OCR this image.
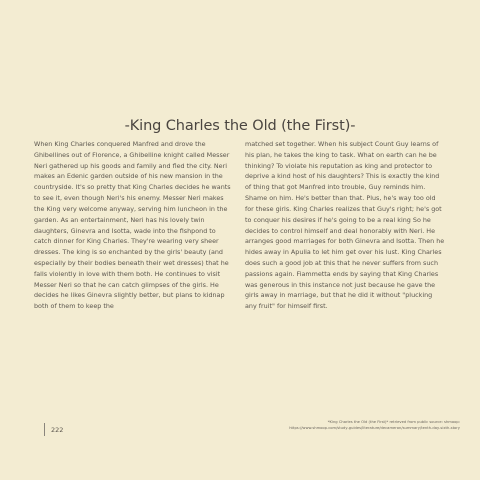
-King Charles the Old (the First)-

When King Charles conquered Manfred and drove the Ghibellines out of Florence, a Ghibelline knight called Messer Neri gathered up his goods and family and fled the city. Neri makes an Edenic garden outside of his new mansion in the countryside. It's so pretty that King Charles decides he wants to see it, even though Neri's his enemy. Messer Neri makes the King very welcome anyway, serving him luncheon in the garden. As an entertainment, Neri has his lovely twin daughters, Ginevra and Isotta, wade into the fishpond to catch dinner for King Charles. They're wearing very sheer dresses. The king is so enchanted by the girls' beauty (and especially by their bodies beneath their wet dresses) that he falls violently in love with them both. He continues to visit Messer Neri so that he can catch glimpses of the girls. He decides he likes Ginevra slightly better, but plans to kidnap both of them to keep the

matched set together. When his subject Count Guy learns of his plan, he takes the king to task. What on earth can he be thinking? To violate his reputation as king and protector to deprive a kind host of his daughters? This is exactly the kind of thing that got Manfred into trouble, Guy reminds him. Shame on him. He's better than that. Plus, he's way too old for these girls. King Charles realizes that Guy's right; he's got to conquer his desires if he's going to be a real king So he decides to control himself and deal honorably with Neri. He arranges good marriages for both Ginevra and Isotta. Then he hides away in Apulia to let him get over his lust. King Charles does such a good job at this that he never suffers from such passions again. Fiammetta ends by saying that King Charles was generous in this instance not just because he gave the girls away in marriage, but that he did it without "plucking any fruit" for himself first.

*King Charles the Old (the First)* retrieved from public source: shmoop:
https://www.shmoop.com/study-guides/literature/decameron/summary/tenth-day-sixth-story
222
